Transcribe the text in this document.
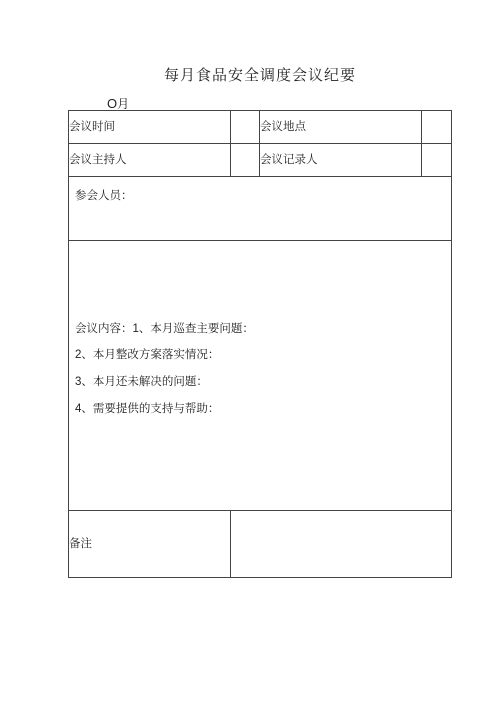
每月食品安全调度会议纪要
O月
会议时间		会议地点	
会议主持人		会议记录人	

参会人员：			

会议内容：1、本月巡查主要问题：
2、本月整改方案落实情况：
3、本月还未解决的问题：
4、需要提供的支持与帮助：			

备注			
